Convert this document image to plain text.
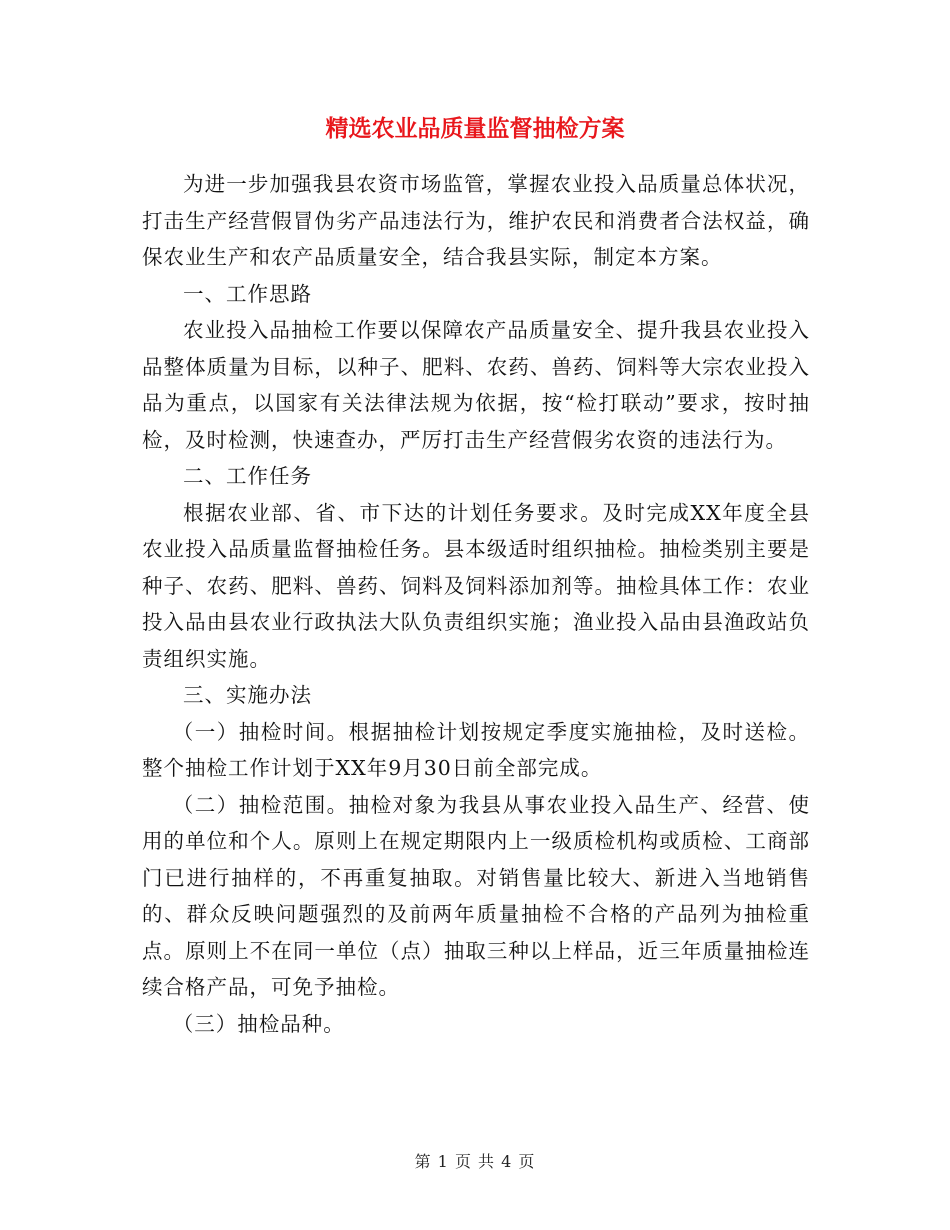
精选农业品质量监督抽检方案

为进一步加强我县农资市场监管，掌握农业投入品质量总体状况，打击生产经营假冒伪劣产品违法行为，维护农民和消费者合法权益，确保农业生产和农产品质量安全，结合我县实际，制定本方案。

一、工作思路

农业投入品抽检工作要以保障农产品质量安全、提升我县农业投入品整体质量为目标，以种子、肥料、农药、兽药、饲料等大宗农业投入品为重点，以国家有关法律法规为依据，按“检打联动”要求，按时抽检，及时检测，快速查办，严厉打击生产经营假劣农资的违法行为。

二、工作任务

根据农业部、省、市下达的计划任务要求。及时完成XX年度全县农业投入品质量监督抽检任务。县本级适时组织抽检。抽检类别主要是种子、农药、肥料、兽药、饲料及饲料添加剂等。抽检具体工作：农业投入品由县农业行政执法大队负责组织实施；渔业投入品由县渔政站负责组织实施。

三、实施办法

（一）抽检时间。根据抽检计划按规定季度实施抽检，及时送检。整个抽检工作计划于XX年9月30日前全部完成。

（二）抽检范围。抽检对象为我县从事农业投入品生产、经营、使用的单位和个人。原则上在规定期限内上一级质检机构或质检、工商部门已进行抽样的，不再重复抽取。对销售量比较大、新进入当地销售的、群众反映问题强烈的及前两年质量抽检不合格的产品列为抽检重点。原则上不在同一单位（点）抽取三种以上样品，近三年质量抽检连续合格产品，可免予抽检。

（三）抽检品种。

第 1 页 共 4 页
